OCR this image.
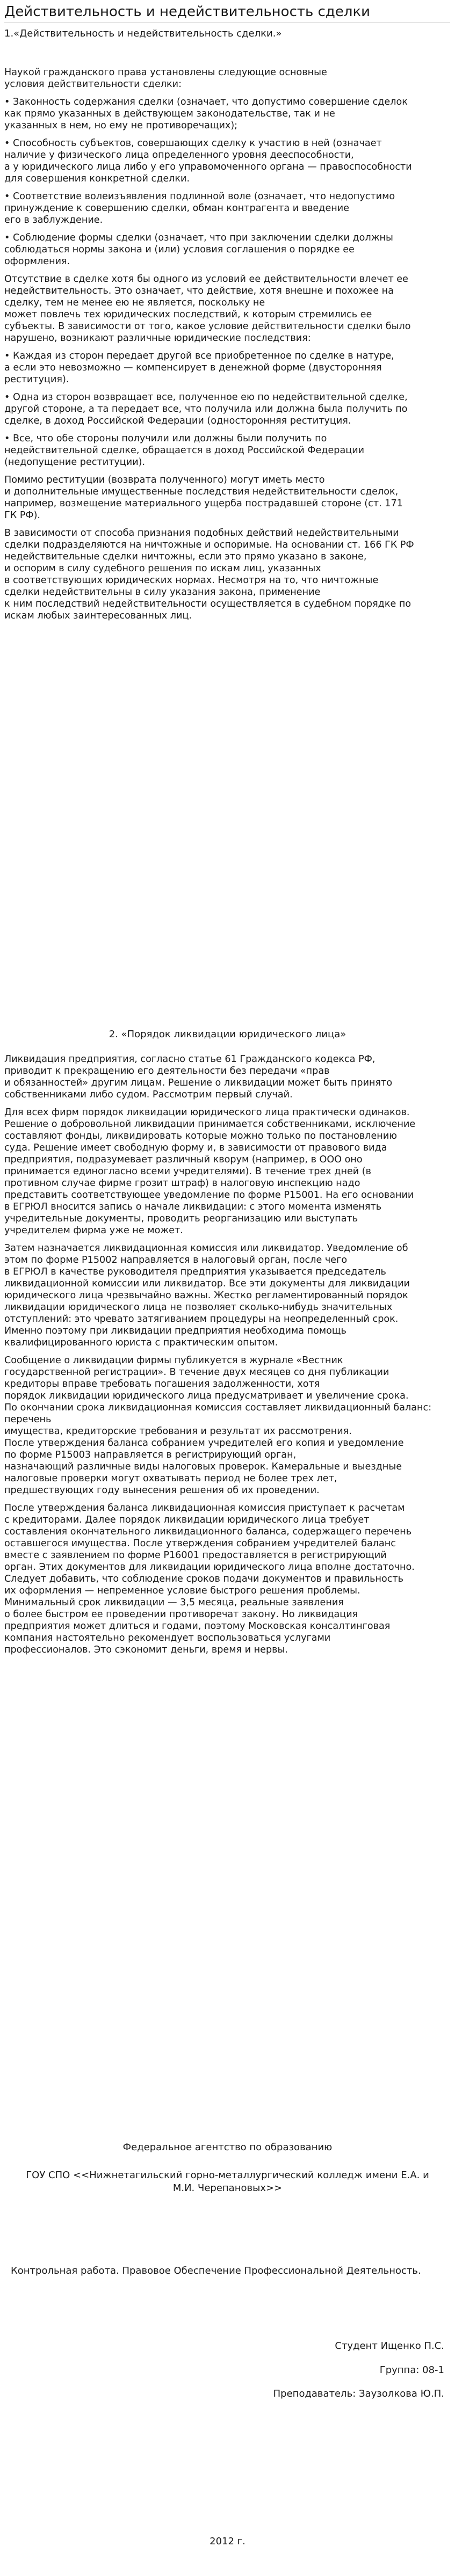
Действительность и недействительность сделки
1.«Действительность и недействительность сделки.»

Наукой гражданского права установлены следующие основные
условия действительности сделки:

• Законность содержания сделки (означает, что допустимо совершение сделок
как прямо указанных в действующем законодательстве, так и не
указанных в нем, но ему не противоречащих);

• Способность субъектов, совершающих сделку к участию в ней (означает
наличие у физического лица определенного уровня дееспособности,
а у юридического лица либо у его управомоченного органа — правоспособности
для совершения конкретной сделки.

• Соответствие волеизъявления подлинной воле (означает, что недопустимо
принуждение к совершению сделки, обман контрагента и введение
его в заблуждение.

• Соблюдение формы сделки (означает, что при заключении сделки должны
соблюдаться нормы закона и (или) условия соглашения о порядке ее
оформления.

Отсутствие в сделке хотя бы одного из условий ее действительности влечет ее
недействительность. Это означает, что действие, хотя внешне и похожее на
сделку, тем не менее ею не является, поскольку не
может повлечь тех юридических последствий, к которым стремились ее
субъекты. В зависимости от того, какое условие действительности сделки было
нарушено, возникают различные юридические последствия:

• Каждая из сторон передает другой все приобретенное по сделке в натуре,
а если это невозможно — компенсирует в денежной форме (двусторонняя
реституция).

• Одна из сторон возвращает все, полученное ею по недействительной сделке,
другой стороне, а та передает все, что получила или должна была получить по
сделке, в доход Российской Федерации (односторонняя реституция.

• Все, что обе стороны получили или должны были получить по
недействительной сделке, обращается в доход Российской Федерации
(недопущение реституции).

Помимо реституции (возврата полученного) могут иметь место
и дополнительные имущественные последствия недействительности сделок,
например, возмещение материального ущерба пострадавшей стороне (ст. 171
ГК РФ).

В зависимости от способа признания подобных действий недействительными
сделки подразделяются на ничтожные и оспоримые. На основании ст. 166 ГК РФ
недействительные сделки ничтожны, если это прямо указано в законе,
и оспорим в силу судебного решения по искам лиц, указанных
в соответствующих юридических нормах. Несмотря на то, что ничтожные
сделки недействительны в силу указания закона, применение
к ним последствий недействительности осуществляется в судебном порядке по
искам любых заинтересованных лиц.

2. «Порядок ликвидации юридического лица»

Ликвидация предприятия, согласно статье 61 Гражданского кодекса РФ,
приводит к прекращению его деятельности без передачи «прав
и обязанностей» другим лицам. Решение о ликвидации может быть принято
собственниками либо судом. Рассмотрим первый случай.

Для всех фирм порядок ликвидации юридического лица практически одинаков.
Решение о добровольной ликвидации принимается собственниками, исключение
составляют фонды, ликвидировать которые можно только по постановлению
суда. Решение имеет свободную форму и, в зависимости от правового вида
предприятия, подразумевает различный кворум (например, в ООО оно
принимается единогласно всеми учредителями). В течение трех дней (в
противном случае фирме грозит штраф) в налоговую инспекцию надо
представить соответствующее уведомление по форме Р15001. На его основании
в ЕГРЮЛ вносится запись о начале ликвидации: с этого момента изменять
учредительные документы, проводить реорганизацию или выступать
учредителем фирма уже не может.

Затем назначается ликвидационная комиссия или ликвидатор. Уведомление об
этом по форме Р15002 направляется в налоговый орган, после чего
в ЕГРЮЛ в качестве руководителя предприятия указывается председатель
ликвидационной комиссии или ликвидатор. Все эти документы для ликвидации
юридического лица чрезвычайно важны. Жестко регламентированный порядок
ликвидации юридического лица не позволяет сколько-нибудь значительных
отступлений: это чревато затягиванием процедуры на неопределенный срок.
Именно поэтому при ликвидации предприятия необходима помощь
квалифицированного юриста с практическим опытом.

Сообщение о ликвидации фирмы публикуется в журнале «Вестник
государственной регистрации». В течение двух месяцев со дня публикации
кредиторы вправе требовать погашения задолженности, хотя
порядок ликвидации юридического лица предусматривает и увеличение срока.
По окончании срока ликвидационная комиссия составляет ликвидационный баланс: перечень
имущества, кредиторские требования и результат их рассмотрения.
После утверждения баланса собранием учредителей его копия и уведомление
по форме Р15003 направляется в регистрирующий орган,
назначающий различные виды налоговых проверок. Камеральные и выездные
налоговые проверки могут охватывать период не более трех лет,
предшествующих году вынесения решения об их проведении.

После утверждения баланса ликвидационная комиссия приступает к расчетам
с кредиторами. Далее порядок ликвидации юридического лица требует
составления окончательного ликвидационного баланса, содержащего перечень
оставшегося имущества. После утверждения собранием учредителей баланс
вместе с заявлением по форме Р16001 предоставляется в регистрирующий
орган. Этих документов для ликвидации юридического лица вполне достаточно.
Следует добавить, что соблюдение сроков подачи документов и правильность
их оформления — непременное условие быстрого решения проблемы.
Минимальный срок ликвидации — 3,5 месяца, реальные заявления
о более быстром ее проведении противоречат закону. Но ликвидация
предприятия может длиться и годами, поэтому Московская консалтинговая
компания настоятельно рекомендует воспользоваться услугами
профессионалов. Это сэкономит деньги, время и нервы.

Федеральное агентство по образованию
ГОУ СПО <<Нижнетагильский горно-металлургический колледж имени Е.А. и
М.И. Черепановых>>
Контрольная работа. Правовое Обеспечение Профессиональной Деятельность.
Студент Ищенко П.С.
Группа: 08-1
Преподаватель: Заузолкова Ю.П.
2012 г.
